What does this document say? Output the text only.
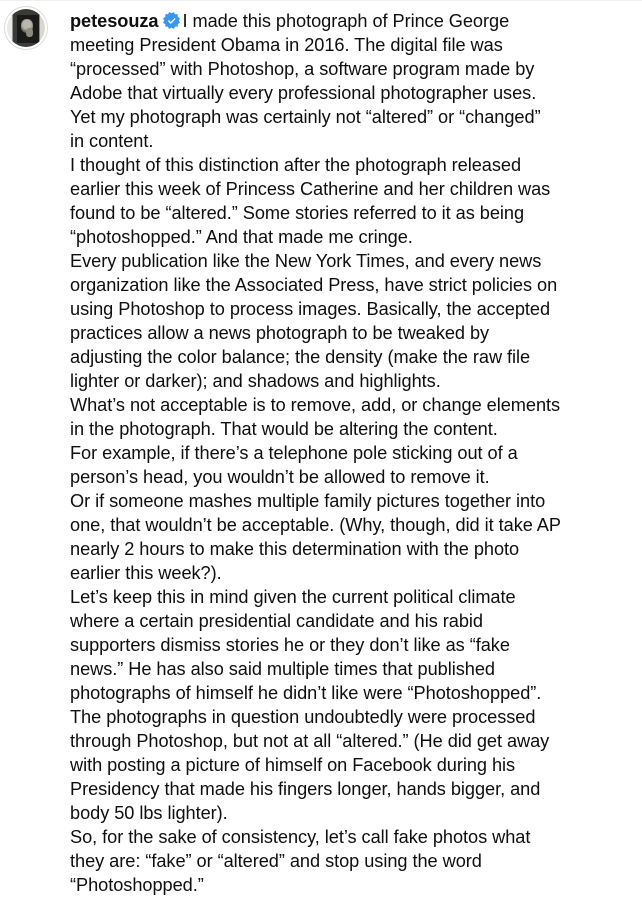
petesouza I made this photograph of Prince George
meeting President Obama in 2016. The digital file was
“processed” with Photoshop, a software program made by
Adobe that virtually every professional photographer uses.
Yet my photograph was certainly not “altered” or “changed”
in content.
I thought of this distinction after the photograph released
earlier this week of Princess Catherine and her children was
found to be “altered.” Some stories referred to it as being
“photoshopped.” And that made me cringe.
Every publication like the New York Times, and every news
organization like the Associated Press, have strict policies on
using Photoshop to process images. Basically, the accepted
practices allow a news photograph to be tweaked by
adjusting the color balance; the density (make the raw file
lighter or darker); and shadows and highlights.
What’s not acceptable is to remove, add, or change elements
in the photograph. That would be altering the content.
For example, if there’s a telephone pole sticking out of a
person’s head, you wouldn’t be allowed to remove it.
Or if someone mashes multiple family pictures together into
one, that wouldn’t be acceptable. (Why, though, did it take AP
nearly 2 hours to make this determination with the photo
earlier this week?).
Let’s keep this in mind given the current political climate
where a certain presidential candidate and his rabid
supporters dismiss stories he or they don’t like as “fake
news.” He has also said multiple times that published
photographs of himself he didn’t like were “Photoshopped”.
The photographs in question undoubtedly were processed
through Photoshop, but not at all “altered.” (He did get away
with posting a picture of himself on Facebook during his
Presidency that made his fingers longer, hands bigger, and
body 50 lbs lighter).
So, for the sake of consistency, let’s call fake photos what
they are: “fake” or “altered” and stop using the word
“Photoshopped.”
